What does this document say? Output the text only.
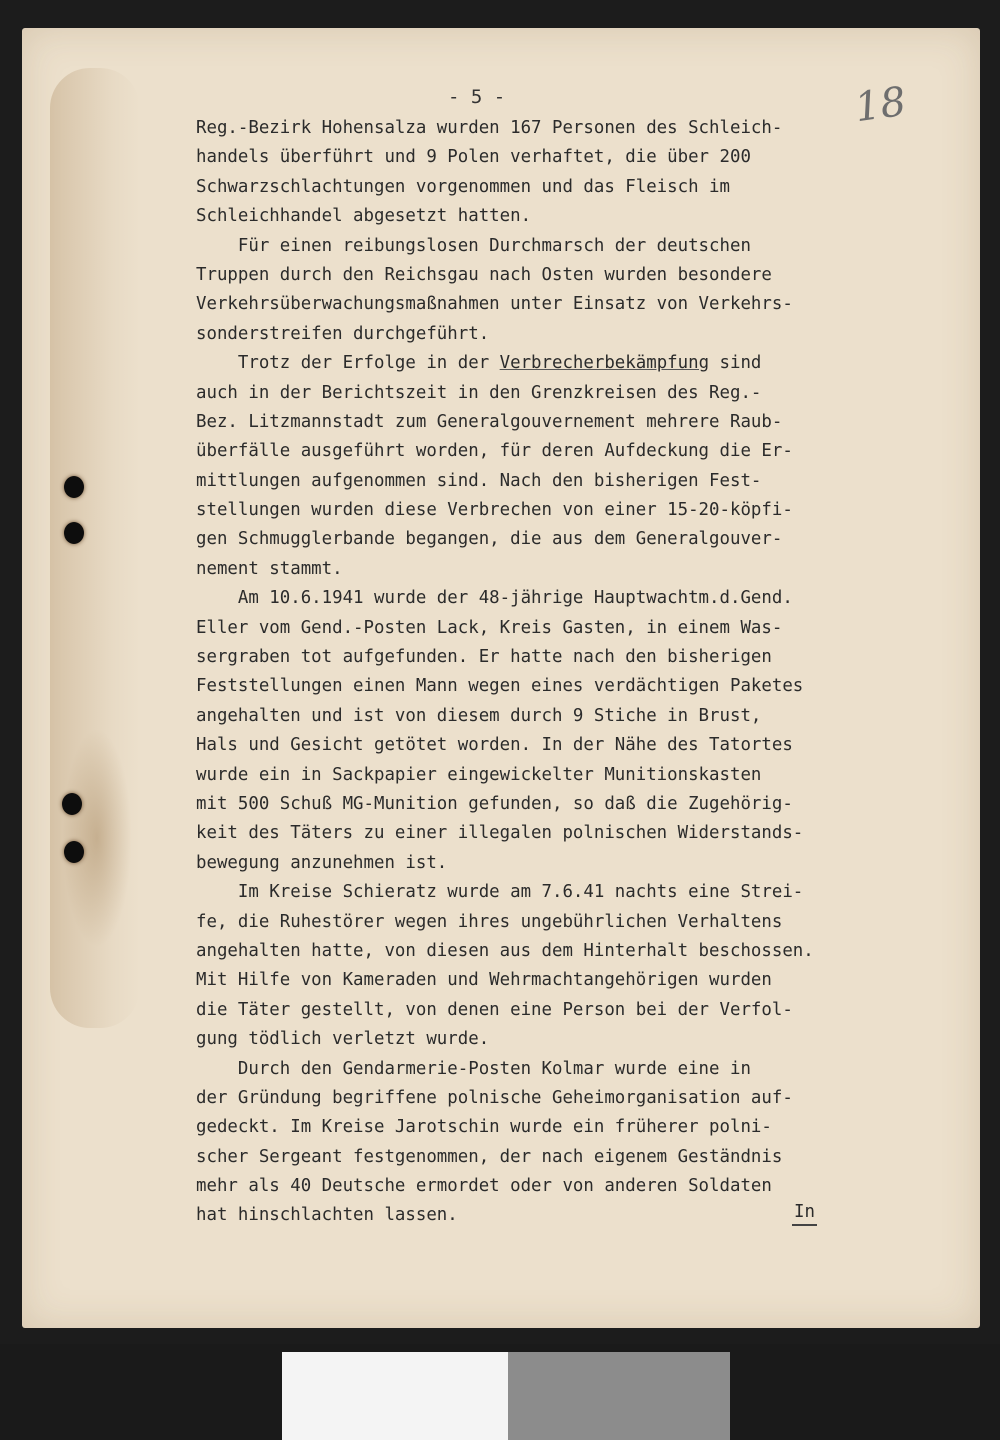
- 5 -	18
Reg.-Bezirk Hohensalza wurden 167 Personen des Schleich-
handels überführt und 9 Polen verhaftet, die über 200
Schwarzschlachtungen vorgenommen und das Fleisch im
Schleichhandel abgesetzt hatten.
Für einen reibungslosen Durchmarsch der deutschen
Truppen durch den Reichsgau nach Osten wurden besondere
Verkehrsüberwachungsmaßnahmen unter Einsatz von Verkehrs-
sonderstreifen durchgeführt.
Trotz der Erfolge in der Verbrecherbekämpfung sind
auch in der Berichtszeit in den Grenzkreisen des Reg.-
Bez. Litzmannstadt zum Generalgouvernement mehrere Raub-
überfälle ausgeführt worden, für deren Aufdeckung die Er-
mittlungen aufgenommen sind. Nach den bisherigen Fest-
stellungen wurden diese Verbrechen von einer 15-20-köpfi-
gen Schmugglerbande begangen, die aus dem Generalgouver-
nement stammt.
Am 10.6.1941 wurde der 48-jährige Hauptwachtm.d.Gend.
Eller vom Gend.-Posten Lack, Kreis Gasten, in einem Was-
sergraben tot aufgefunden. Er hatte nach den bisherigen
Feststellungen einen Mann wegen eines verdächtigen Paketes
angehalten und ist von diesem durch 9 Stiche in Brust,
Hals und Gesicht getötet worden. In der Nähe des Tatortes
wurde ein in Sackpapier eingewickelter Munitionskasten
mit 500 Schuß MG-Munition gefunden, so daß die Zugehörig-
keit des Täters zu einer illegalen polnischen Widerstands-
bewegung anzunehmen ist.
Im Kreise Schieratz wurde am 7.6.41 nachts eine Strei-
fe, die Ruhestörer wegen ihres ungebührlichen Verhaltens
angehalten hatte, von diesen aus dem Hinterhalt beschossen.
Mit Hilfe von Kameraden und Wehrmachtangehörigen wurden
die Täter gestellt, von denen eine Person bei der Verfol-
gung tödlich verletzt wurde.
Durch den Gendarmerie-Posten Kolmar wurde eine in
der Gründung begriffene polnische Geheimorganisation auf-
gedeckt. Im Kreise Jarotschin wurde ein früherer polni-
scher Sergeant festgenommen, der nach eigenem Geständnis
mehr als 40 Deutsche ermordet oder von anderen Soldaten
hat hinschlachten lassen.	In
